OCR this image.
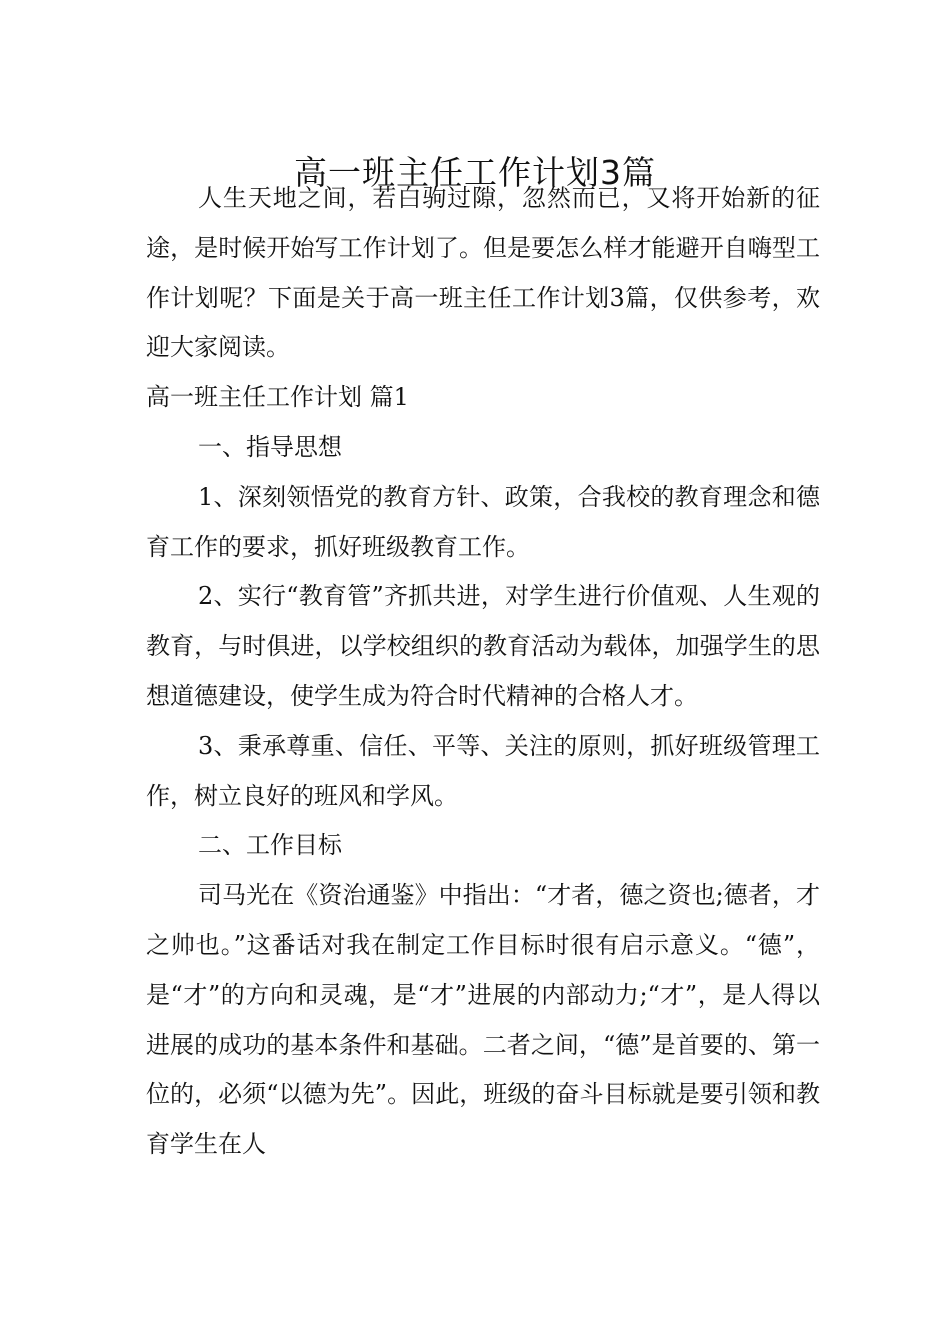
高一班主任工作计划3篇

人生天地之间，若白驹过隙，忽然而已，又将开始新的征途，是时候开始写工作计划了。但是要怎么样才能避开自嗨型工作计划呢？下面是关于高一班主任工作计划3篇，仅供参考，欢迎大家阅读。

高一班主任工作计划 篇1

一、指导思想

1、深刻领悟党的教育方针、政策，合我校的教育理念和德育工作的要求，抓好班级教育工作。

2、实行“教育管”齐抓共进，对学生进行价值观、人生观的教育，与时俱进，以学校组织的教育活动为载体，加强学生的思想道德建设，使学生成为符合时代精神的合格人才。

3、秉承尊重、信任、平等、关注的原则，抓好班级管理工作，树立良好的班风和学风。

二、工作目标

司马光在《资治通鉴》中指出：“才者，德之资也;德者，才之帅也。”这番话对我在制定工作目标时很有启示意义。“德”，是“才”的方向和灵魂，是“才”进展的内部动力;“才”，是人得以进展的成功的基本条件和基础。二者之间，“德”是首要的、第一位的，必须“以德为先”。因此，班级的奋斗目标就是要引领和教育学生在人
